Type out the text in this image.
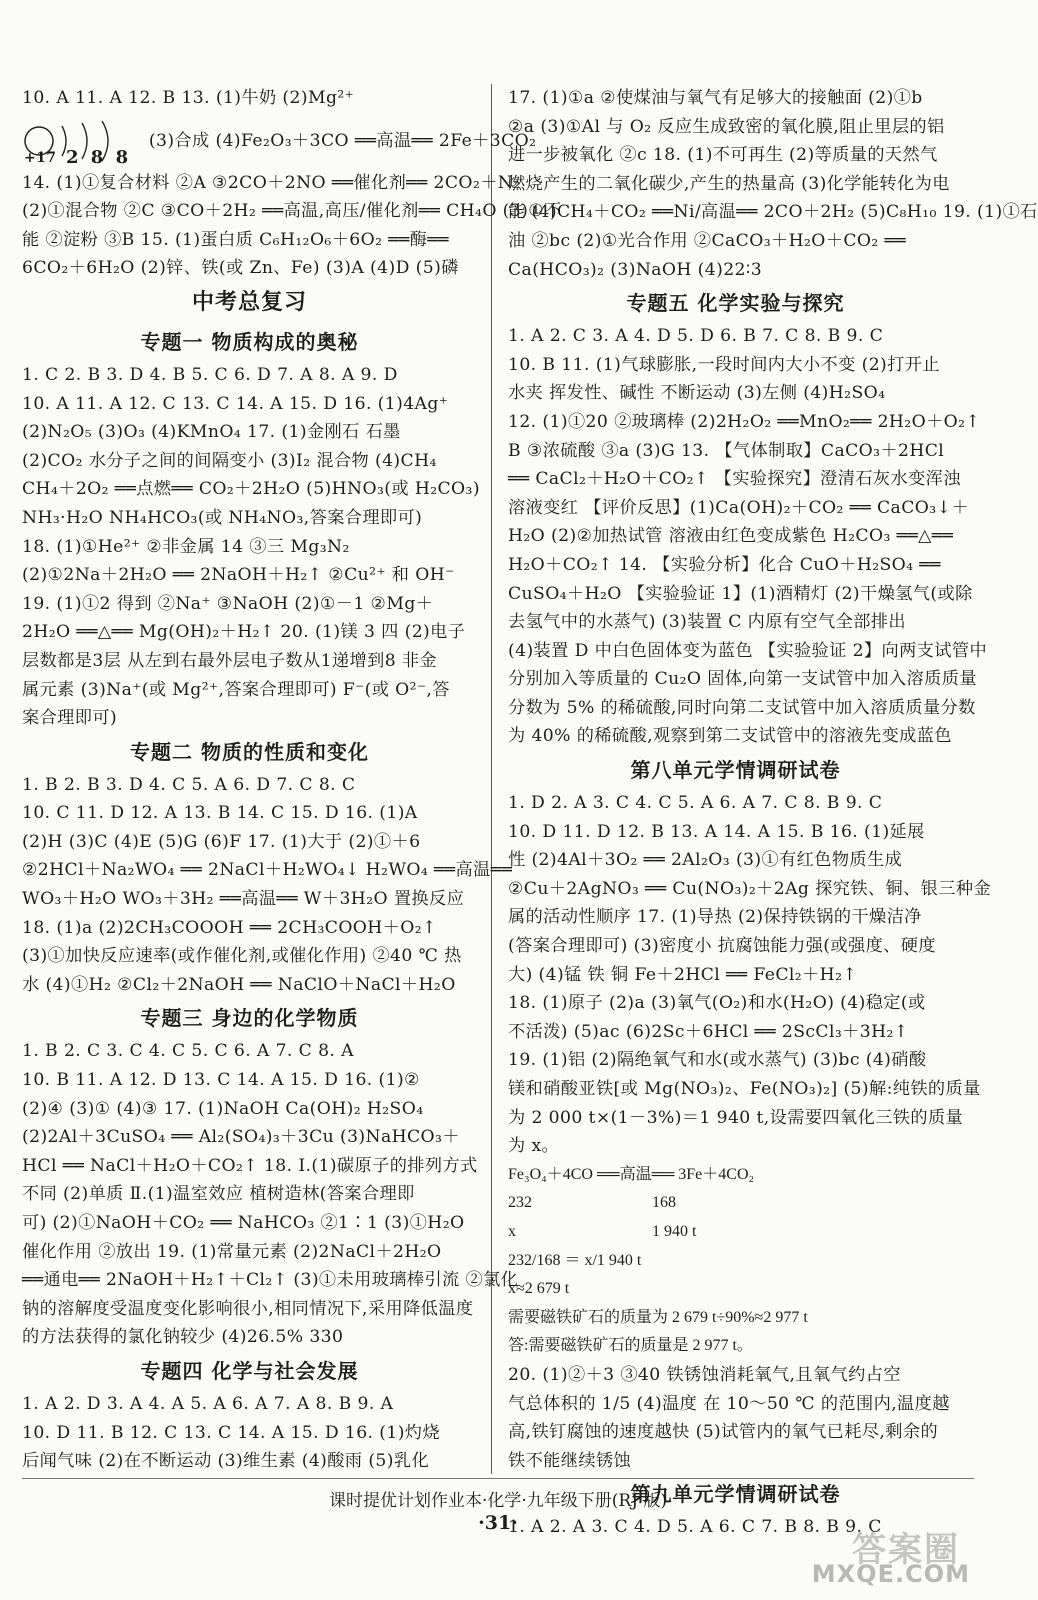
10. A 11. A 12. B 13. (1)牛奶 (2)Mg²⁺
+17 2 8 8
(3)合成 (4)Fe₂O₃＋3CO ══高温══ 2Fe＋3CO₂
14. (1)①复合材料 ②A ③2CO＋2NO ══催化剂══ 2CO₂＋N₂
(2)①混合物 ②C ③CO＋2H₂ ══高温,高压/催化剂══ CH₄O (3)①不
能 ②淀粉 ③B 15. (1)蛋白质 C₆H₁₂O₆＋6O₂ ══酶══
6CO₂＋6H₂O (2)锌、铁(或 Zn、Fe) (3)A (4)D (5)磷
中考总复习
专题一 物质构成的奥秘
1. C 2. B 3. D 4. B 5. C 6. D 7. A 8. A 9. D
10. A 11. A 12. C 13. C 14. A 15. D 16. (1)4Ag⁺
(2)N₂O₅ (3)O₃ (4)KMnO₄ 17. (1)金刚石 石墨
(2)CO₂ 水分子之间的间隔变小 (3)I₂ 混合物 (4)CH₄
CH₄＋2O₂ ══点燃══ CO₂＋2H₂O (5)HNO₃(或 H₂CO₃)
NH₃·H₂O NH₄HCO₃(或 NH₄NO₃,答案合理即可)
18. (1)①He²⁺ ②非金属 14 ③三 Mg₃N₂
(2)①2Na＋2H₂O ══ 2NaOH＋H₂↑ ②Cu²⁺ 和 OH⁻
19. (1)①2 得到 ②Na⁺ ③NaOH (2)①－1 ②Mg＋
2H₂O ══△══ Mg(OH)₂＋H₂↑ 20. (1)镁 3 四 (2)电子
层数都是3层 从左到右最外层电子数从1递增到8 非金
属元素 (3)Na⁺(或 Mg²⁺,答案合理即可) F⁻(或 O²⁻,答
案合理即可)
专题二 物质的性质和变化
1. B 2. B 3. D 4. C 5. A 6. D 7. C 8. C
10. C 11. D 12. A 13. B 14. C 15. D 16. (1)A
(2)H (3)C (4)E (5)G (6)F 17. (1)大于 (2)①＋6
②2HCl＋Na₂WO₄ ══ 2NaCl＋H₂WO₄↓ H₂WO₄ ══高温══
WO₃＋H₂O WO₃＋3H₂ ══高温══ W＋3H₂O 置换反应
18. (1)a (2)2CH₃COOOH ══ 2CH₃COOH＋O₂↑
(3)①加快反应速率(或作催化剂,或催化作用) ②40 ℃ 热
水 (4)①H₂ ②Cl₂＋2NaOH ══ NaClO＋NaCl＋H₂O
专题三 身边的化学物质
1. B 2. C 3. C 4. C 5. C 6. A 7. C 8. A
10. B 11. A 12. D 13. C 14. A 15. D 16. (1)②
(2)④ (3)① (4)③ 17. (1)NaOH Ca(OH)₂ H₂SO₄
(2)2Al＋3CuSO₄ ══ Al₂(SO₄)₃＋3Cu (3)NaHCO₃＋
HCl ══ NaCl＋H₂O＋CO₂↑ 18. Ⅰ.(1)碳原子的排列方式
不同 (2)单质 Ⅱ.(1)温室效应 植树造林(答案合理即
可) (2)①NaOH＋CO₂ ══ NaHCO₃ ②1∶1 (3)①H₂O
催化作用 ②放出 19. (1)常量元素 (2)2NaCl＋2H₂O
══通电══ 2NaOH＋H₂↑＋Cl₂↑ (3)①未用玻璃棒引流 ②氯化
钠的溶解度受温度变化影响很小,相同情况下,采用降低温度
的方法获得的氯化钠较少 (4)26.5% 330
专题四 化学与社会发展
1. A 2. D 3. A 4. A 5. A 6. A 7. A 8. B 9. A
10. D 11. B 12. C 13. C 14. A 15. D 16. (1)灼烧
后闻气味 (2)在不断运动 (3)维生素 (4)酸雨 (5)乳化
17. (1)①a ②使煤油与氧气有足够大的接触面 (2)①b
②a (3)①Al 与 O₂ 反应生成致密的氧化膜,阻止里层的铝
进一步被氧化 ②c 18. (1)不可再生 (2)等质量的天然气
燃烧产生的二氧化碳少,产生的热量高 (3)化学能转化为电
能 (4)CH₄＋CO₂ ══Ni/高温══ 2CO＋2H₂ (5)C₈H₁₀ 19. (1)①石
油 ②bc (2)①光合作用 ②CaCO₃＋H₂O＋CO₂ ══
Ca(HCO₃)₂ (3)NaOH (4)22∶3
专题五 化学实验与探究
1. A 2. C 3. A 4. D 5. D 6. B 7. C 8. B 9. C
10. B 11. (1)气球膨胀,一段时间内大小不变 (2)打开止
水夹 挥发性、碱性 不断运动 (3)左侧 (4)H₂SO₄
12. (1)①20 ②玻璃棒 (2)2H₂O₂ ══MnO₂══ 2H₂O＋O₂↑
B ③浓硫酸 ③a (3)G 13. 【气体制取】CaCO₃＋2HCl
══ CaCl₂＋H₂O＋CO₂↑ 【实验探究】澄清石灰水变浑浊
溶液变红 【评价反思】(1)Ca(OH)₂＋CO₂ ══ CaCO₃↓＋
H₂O (2)②加热试管 溶液由红色变成紫色 H₂CO₃ ══△══
H₂O＋CO₂↑ 14. 【实验分析】化合 CuO＋H₂SO₄ ══
CuSO₄＋H₂O 【实验验证 1】(1)酒精灯 (2)干燥氢气(或除
去氢气中的水蒸气) (3)装置 C 内原有空气全部排出
(4)装置 D 中白色固体变为蓝色 【实验验证 2】向两支试管中
分别加入等质量的 Cu₂O 固体,向第一支试管中加入溶质质量
分数为 5% 的稀硫酸,同时向第二支试管中加入溶质质量分数
为 40% 的稀硫酸,观察到第二支试管中的溶液先变成蓝色
第八单元学情调研试卷
1. D 2. A 3. C 4. C 5. A 6. A 7. C 8. B 9. C
10. D 11. D 12. B 13. A 14. A 15. B 16. (1)延展
性 (2)4Al＋3O₂ ══ 2Al₂O₃ (3)①有红色物质生成
②Cu＋2AgNO₃ ══ Cu(NO₃)₂＋2Ag 探究铁、铜、银三种金
属的活动性顺序 17. (1)导热 (2)保持铁锅的干燥洁净
(答案合理即可) (3)密度小 抗腐蚀能力强(或强度、硬度
大) (4)锰 铁 铜 Fe＋2HCl ══ FeCl₂＋H₂↑
18. (1)原子 (2)a (3)氧气(O₂)和水(H₂O) (4)稳定(或
不活泼) (5)ac (6)2Sc＋6HCl ══ 2ScCl₃＋3H₂↑
19. (1)铝 (2)隔绝氧气和水(或水蒸气) (3)bc (4)硝酸
镁和硝酸亚铁[或 Mg(NO₃)₂、Fe(NO₃)₂] (5)解:纯铁的质量
为 2 000 t×(1－3%)＝1 940 t,设需要四氧化三铁的质量
为 x。
Fe₃O₄＋4CO ══高温══ 3Fe＋4CO₂
232                              168
x                                  1 940 t
232/168 ＝ x/1 940 t
x≈2 679 t
需要磁铁矿石的质量为 2 679 t÷90%≈2 977 t
答:需要磁铁矿石的质量是 2 977 t。
20. (1)②＋3 ③40 铁锈蚀消耗氧气,且氧气约占空
气总体积的 1/5 (4)温度 在 10～50 ℃ 的范围内,温度越
高,铁钉腐蚀的速度越快 (5)试管内的氧气已耗尽,剩余的
铁不能继续锈蚀
第九单元学情调研试卷
1. A 2. A 3. C 4. D 5. A 6. C 7. B 8. B 9. C
课时提优计划作业本·化学·九年级下册(RJ 版)
·31·
答案圈
MXQE.COM
